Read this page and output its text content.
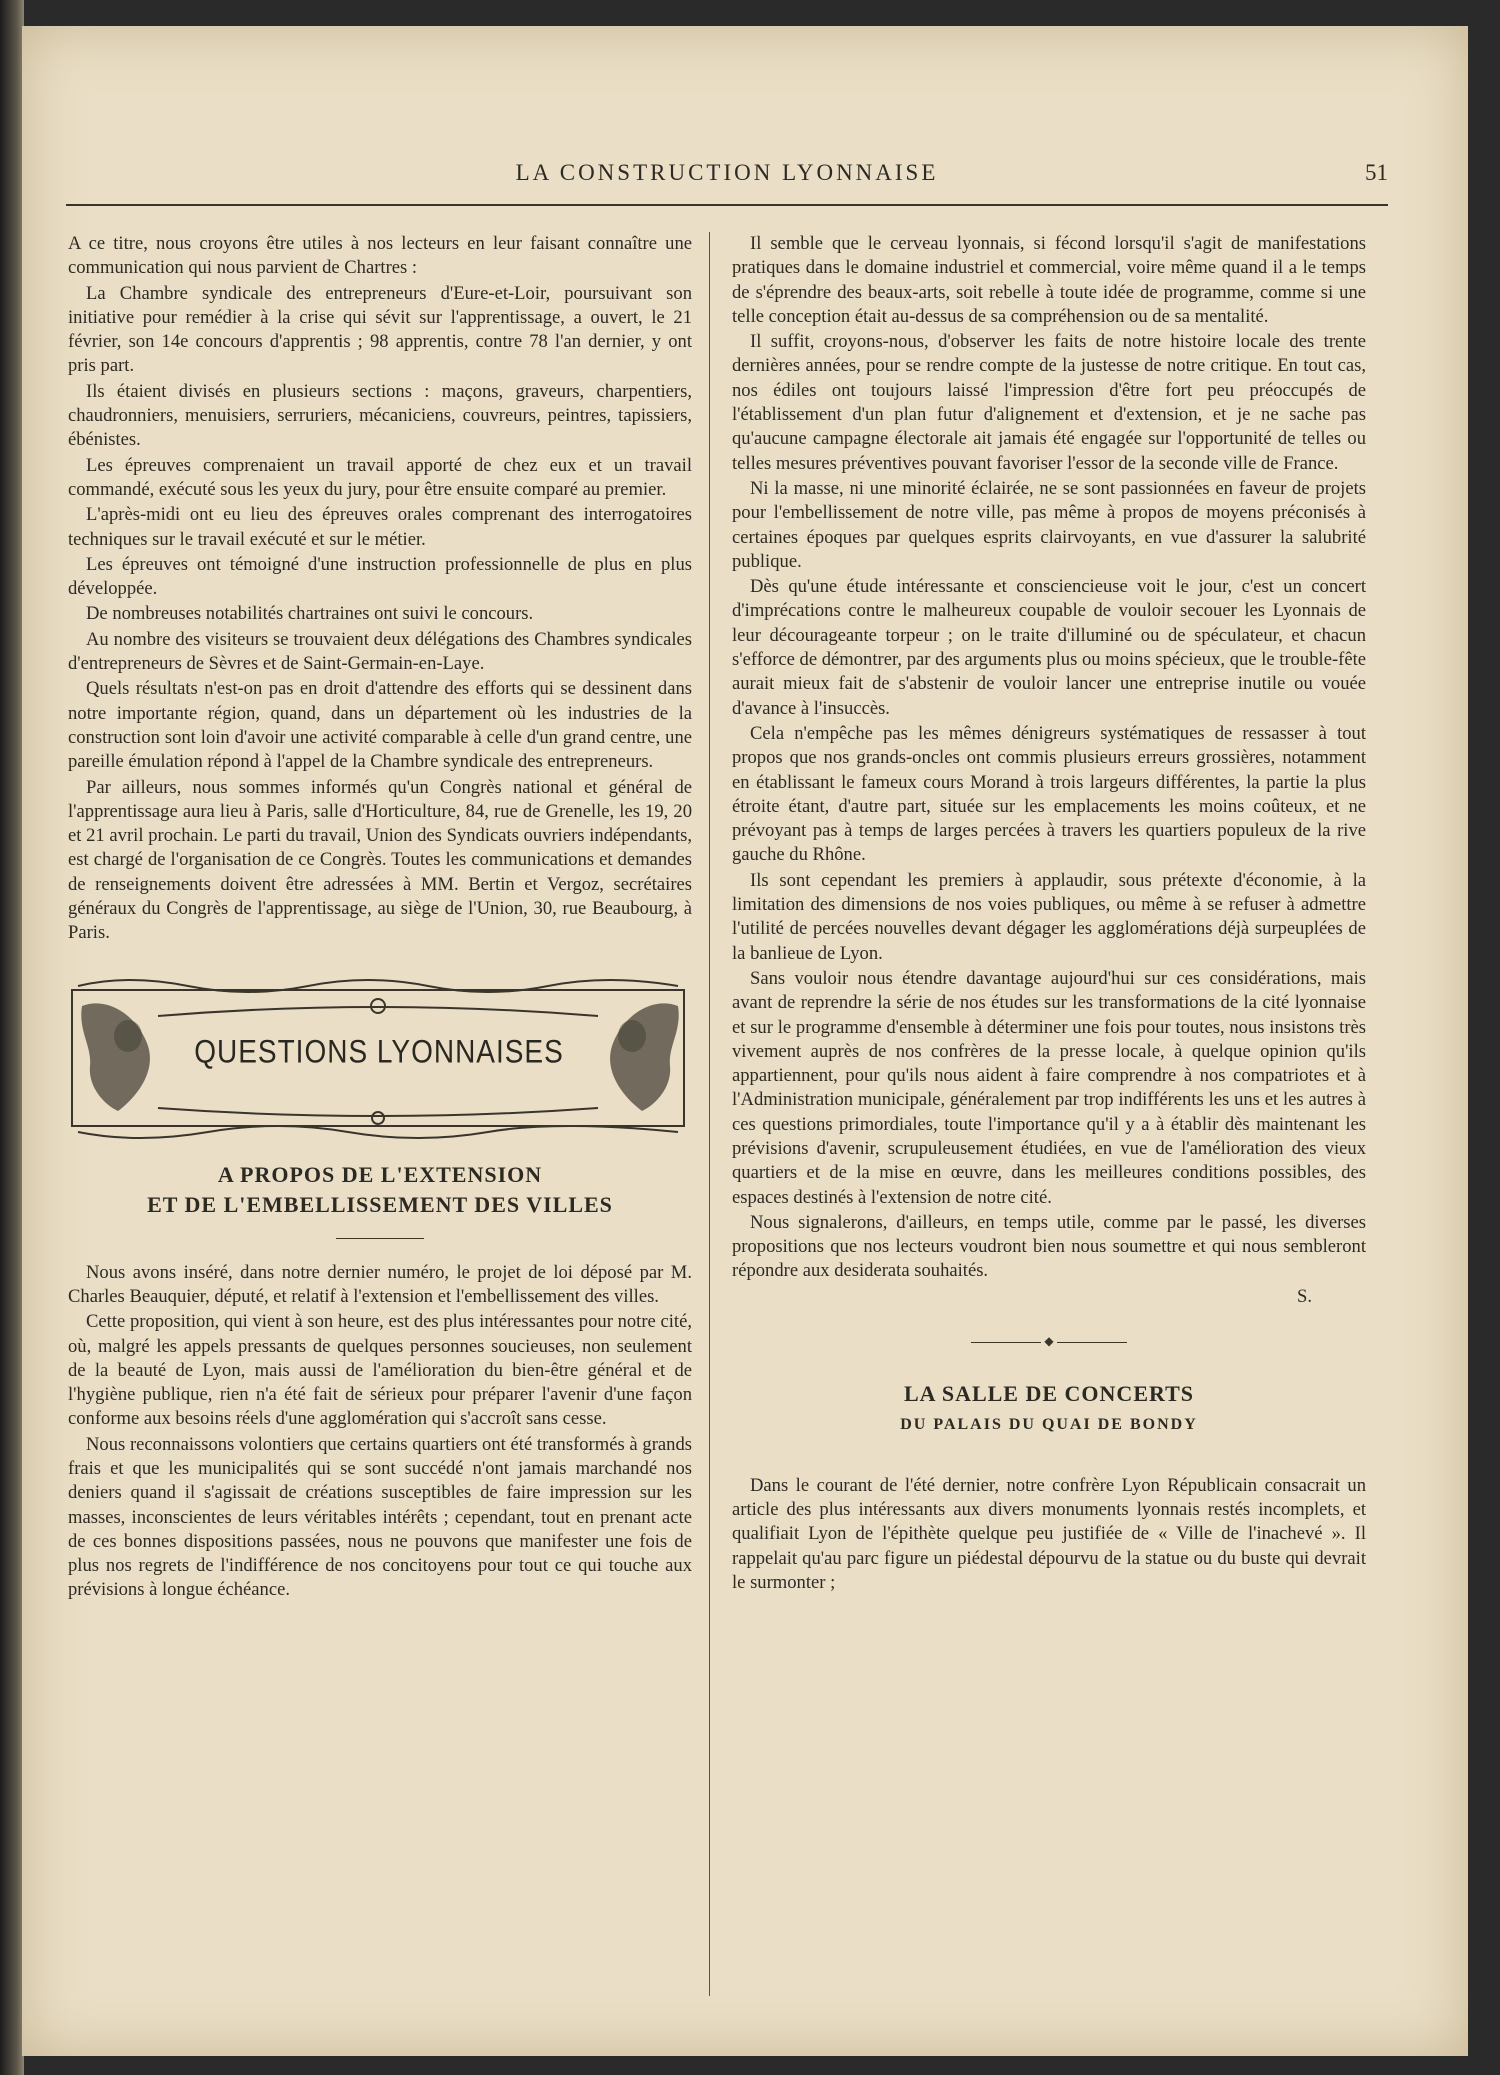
LA CONSTRUCTION LYONNAISE	51

A ce titre, nous croyons être utiles à nos lecteurs en leur faisant connaître une communication qui nous parvient de Chartres :

La Chambre syndicale des entrepreneurs d'Eure-et-Loir, poursuivant son initiative pour remédier à la crise qui sévit sur l'apprentissage, a ouvert, le 21 février, son 14e concours d'apprentis ; 98 apprentis, contre 78 l'an dernier, y ont pris part.

Ils étaient divisés en plusieurs sections : maçons, graveurs, charpentiers, chaudronniers, menuisiers, serruriers, mécaniciens, couvreurs, peintres, tapissiers, ébénistes.

Les épreuves comprenaient un travail apporté de chez eux et un travail commandé, exécuté sous les yeux du jury, pour être ensuite comparé au premier.

L'après-midi ont eu lieu des épreuves orales comprenant des interrogatoires techniques sur le travail exécuté et sur le métier.

Les épreuves ont témoigné d'une instruction professionnelle de plus en plus développée.

De nombreuses notabilités chartraines ont suivi le concours.

Au nombre des visiteurs se trouvaient deux délégations des Chambres syndicales d'entrepreneurs de Sèvres et de Saint-Germain-en-Laye.

Quels résultats n'est-on pas en droit d'attendre des efforts qui se dessinent dans notre importante région, quand, dans un département où les industries de la construction sont loin d'avoir une activité comparable à celle d'un grand centre, une pareille émulation répond à l'appel de la Chambre syndicale des entrepreneurs.

Par ailleurs, nous sommes informés qu'un Congrès national et général de l'apprentissage aura lieu à Paris, salle d'Horticulture, 84, rue de Grenelle, les 19, 20 et 21 avril prochain. Le parti du travail, Union des Syndicats ouvriers indépendants, est chargé de l'organisation de ce Congrès. Toutes les communications et demandes de renseignements doivent être adressées à MM. Bertin et Vergoz, secrétaires généraux du Congrès de l'apprentissage, au siège de l'Union, 30, rue Beaubourg, à Paris.

QUESTIONS LYONNAISES
A PROPOS DE L'EXTENSION
ET DE L'EMBELLISSEMENT DES VILLES

Nous avons inséré, dans notre dernier numéro, le projet de loi déposé par M. Charles Beauquier, député, et relatif à l'extension et l'embellissement des villes.

Cette proposition, qui vient à son heure, est des plus intéressantes pour notre cité, où, malgré les appels pressants de quelques personnes soucieuses, non seulement de la beauté de Lyon, mais aussi de l'amélioration du bien-être général et de l'hygiène publique, rien n'a été fait de sérieux pour préparer l'avenir d'une façon conforme aux besoins réels d'une agglomération qui s'accroît sans cesse.

Nous reconnaissons volontiers que certains quartiers ont été transformés à grands frais et que les municipalités qui se sont succédé n'ont jamais marchandé nos deniers quand il s'agissait de créations susceptibles de faire impression sur les masses, inconscientes de leurs véritables intérêts ; cependant, tout en prenant acte de ces bonnes dispositions passées, nous ne pouvons que manifester une fois de plus nos regrets de l'indifférence de nos concitoyens pour tout ce qui touche aux prévisions à longue échéance.

Il semble que le cerveau lyonnais, si fécond lorsqu'il s'agit de manifestations pratiques dans le domaine industriel et commercial, voire même quand il a le temps de s'éprendre des beaux-arts, soit rebelle à toute idée de programme, comme si une telle conception était au-dessus de sa compréhension ou de sa mentalité.

Il suffit, croyons-nous, d'observer les faits de notre histoire locale des trente dernières années, pour se rendre compte de la justesse de notre critique. En tout cas, nos édiles ont toujours laissé l'impression d'être fort peu préoccupés de l'établissement d'un plan futur d'alignement et d'extension, et je ne sache pas qu'aucune campagne électorale ait jamais été engagée sur l'opportunité de telles ou telles mesures préventives pouvant favoriser l'essor de la seconde ville de France.

Ni la masse, ni une minorité éclairée, ne se sont passionnées en faveur de projets pour l'embellissement de notre ville, pas même à propos de moyens préconisés à certaines époques par quelques esprits clairvoyants, en vue d'assurer la salubrité publique.

Dès qu'une étude intéressante et consciencieuse voit le jour, c'est un concert d'imprécations contre le malheureux coupable de vouloir secouer les Lyonnais de leur décourageante torpeur ; on le traite d'illuminé ou de spéculateur, et chacun s'efforce de démontrer, par des arguments plus ou moins spécieux, que le trouble-fête aurait mieux fait de s'abstenir de vouloir lancer une entreprise inutile ou vouée d'avance à l'insuccès.

Cela n'empêche pas les mêmes dénigreurs systématiques de ressasser à tout propos que nos grands-oncles ont commis plusieurs erreurs grossières, notamment en établissant le fameux cours Morand à trois largeurs différentes, la partie la plus étroite étant, d'autre part, située sur les emplacements les moins coûteux, et ne prévoyant pas à temps de larges percées à travers les quartiers populeux de la rive gauche du Rhône.

Ils sont cependant les premiers à applaudir, sous prétexte d'économie, à la limitation des dimensions de nos voies publiques, ou même à se refuser à admettre l'utilité de percées nouvelles devant dégager les agglomérations déjà surpeuplées de la banlieue de Lyon.

Sans vouloir nous étendre davantage aujourd'hui sur ces considérations, mais avant de reprendre la série de nos études sur les transformations de la cité lyonnaise et sur le programme d'ensemble à déterminer une fois pour toutes, nous insistons très vivement auprès de nos confrères de la presse locale, à quelque opinion qu'ils appartiennent, pour qu'ils nous aident à faire comprendre à nos compatriotes et à l'Administration municipale, généralement par trop indifférents les uns et les autres à ces questions primordiales, toute l'importance qu'il y a à établir dès maintenant les prévisions d'avenir, scrupuleusement étudiées, en vue de l'amélioration des vieux quartiers et de la mise en œuvre, dans les meilleures conditions possibles, des espaces destinés à l'extension de notre cité.

Nous signalerons, d'ailleurs, en temps utile, comme par le passé, les diverses propositions que nos lecteurs voudront bien nous soumettre et qui nous sembleront répondre aux desiderata souhaités.

S.
◆
LA SALLE DE CONCERTS
DU PALAIS DU QUAI DE BONDY

Dans le courant de l'été dernier, notre confrère Lyon Républicain consacrait un article des plus intéressants aux divers monuments lyonnais restés incomplets, et qualifiait Lyon de l'épithète quelque peu justifiée de « Ville de l'inachevé ». Il rappelait qu'au parc figure un piédestal dépourvu de la statue ou du buste qui devrait le surmonter ;
